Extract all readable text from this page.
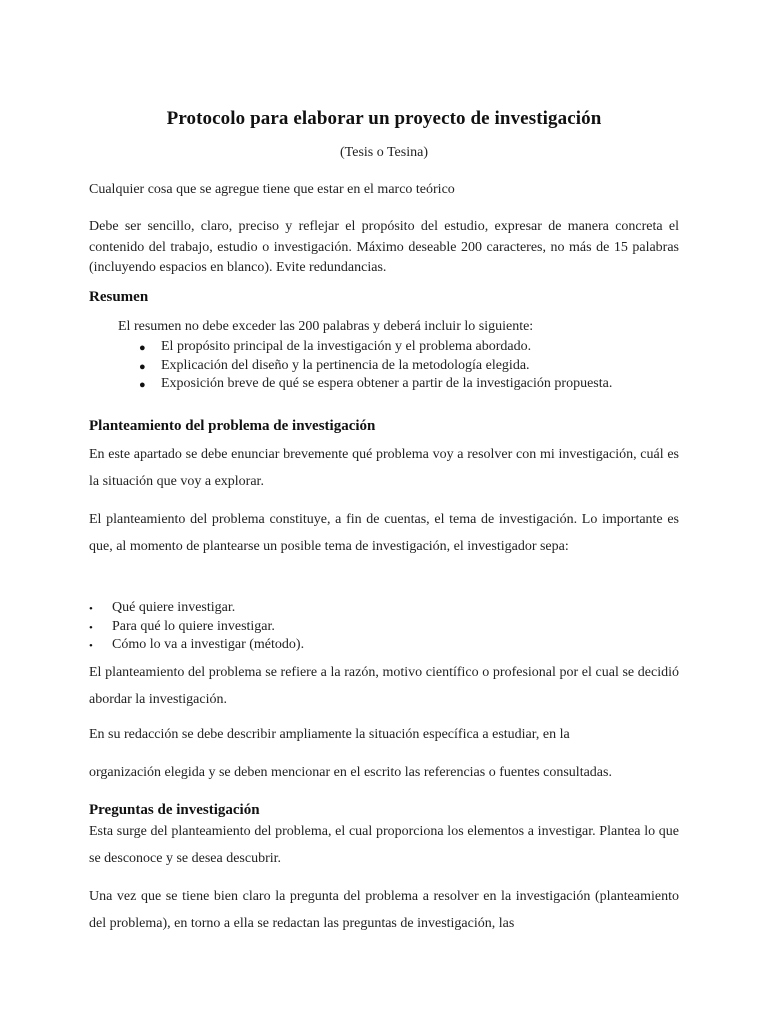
Protocolo para elaborar un proyecto de investigación
(Tesis o Tesina)
Cualquier cosa que se agregue tiene que estar en el marco teórico
Debe ser sencillo, claro, preciso y reflejar el propósito del estudio, expresar de manera concreta el contenido del trabajo, estudio o investigación. Máximo deseable 200 caracteres, no más de 15 palabras (incluyendo espacios en blanco). Evite redundancias.
Resumen
El resumen no debe exceder las 200 palabras y deberá incluir lo siguiente:
● El propósito principal de la investigación y el problema abordado.
● Explicación del diseño y la pertinencia de la metodología elegida.
● Exposición breve de qué se espera obtener a partir de la investigación propuesta.
Planteamiento del problema de investigación
En este apartado se debe enunciar brevemente qué problema voy a resolver con mi investigación, cuál es la situación que voy a explorar.
El planteamiento del problema constituye, a fin de cuentas, el tema de investigación. Lo importante es que, al momento de plantearse un posible tema de investigación, el investigador sepa:
• Qué quiere investigar.
• Para qué lo quiere investigar.
• Cómo lo va a investigar (método).
El planteamiento del problema se refiere a la razón, motivo científico o profesional por el cual se decidió abordar la investigación.
En su redacción se debe describir ampliamente la situación específica a estudiar, en la
organización elegida y se deben mencionar en el escrito las referencias o fuentes consultadas.
Preguntas de investigación
Esta surge del planteamiento del problema, el cual proporciona los elementos a investigar. Plantea lo que se desconoce y se desea descubrir.
Una vez que se tiene bien claro la pregunta del problema a resolver en la investigación (planteamiento del problema), en torno a ella se redactan las preguntas de investigación, las
